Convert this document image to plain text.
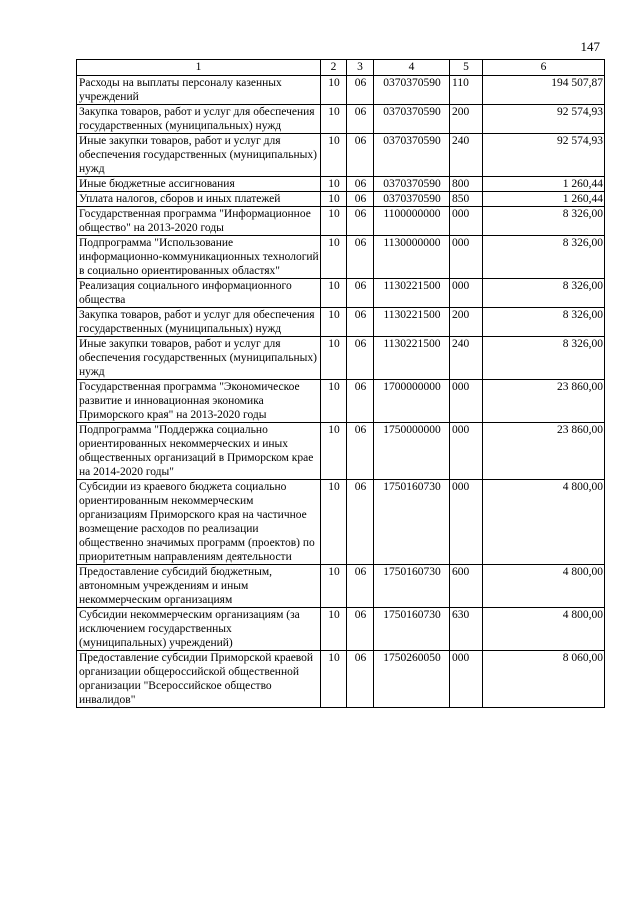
147
1	2	3	4	5	6
Расходы на выплаты персоналу казенных учреждений	10	06	0370370590	110	194 507,87
Закупка товаров, работ и услуг для обеспечения государственных (муниципальных) нужд	10	06	0370370590	200	92 574,93
Иные закупки товаров, работ и услуг для обеспечения государственных (муниципальных) нужд	10	06	0370370590	240	92 574,93
Иные бюджетные ассигнования	10	06	0370370590	800	1 260,44
Уплата налогов, сборов и иных платежей	10	06	0370370590	850	1 260,44
Государственная программа "Информационное общество" на 2013-2020 годы	10	06	1100000000	000	8 326,00
Подпрограмма "Использование информационно-коммуникационных технологий в социально ориентированных областях"	10	06	1130000000	000	8 326,00
Реализация социального информационного общества	10	06	1130221500	000	8 326,00
Закупка товаров, работ и услуг для обеспечения государственных (муниципальных) нужд	10	06	1130221500	200	8 326,00
Иные закупки товаров, работ и услуг для обеспечения государственных (муниципальных) нужд	10	06	1130221500	240	8 326,00
Государственная программа "Экономическое развитие и инновационная экономика Приморского края" на 2013-2020 годы	10	06	1700000000	000	23 860,00
Подпрограмма "Поддержка социально ориентированных некоммерческих и иных общественных организаций в Приморском крае на 2014-2020 годы"	10	06	1750000000	000	23 860,00
Субсидии из краевого бюджета социально ориентированным некоммерческим организациям Приморского края на частичное возмещение расходов по реализации общественно значимых программ (проектов) по приоритетным направлениям деятельности	10	06	1750160730	000	4 800,00
Предоставление субсидий бюджетным, автономным учреждениям и иным некоммерческим организациям	10	06	1750160730	600	4 800,00
Субсидии некоммерческим организациям (за исключением государственных (муниципальных) учреждений)	10	06	1750160730	630	4 800,00
Предоставление субсидии Приморской краевой организации общероссийской общественной организации "Всероссийское общество инвалидов"	10	06	1750260050	000	8 060,00
